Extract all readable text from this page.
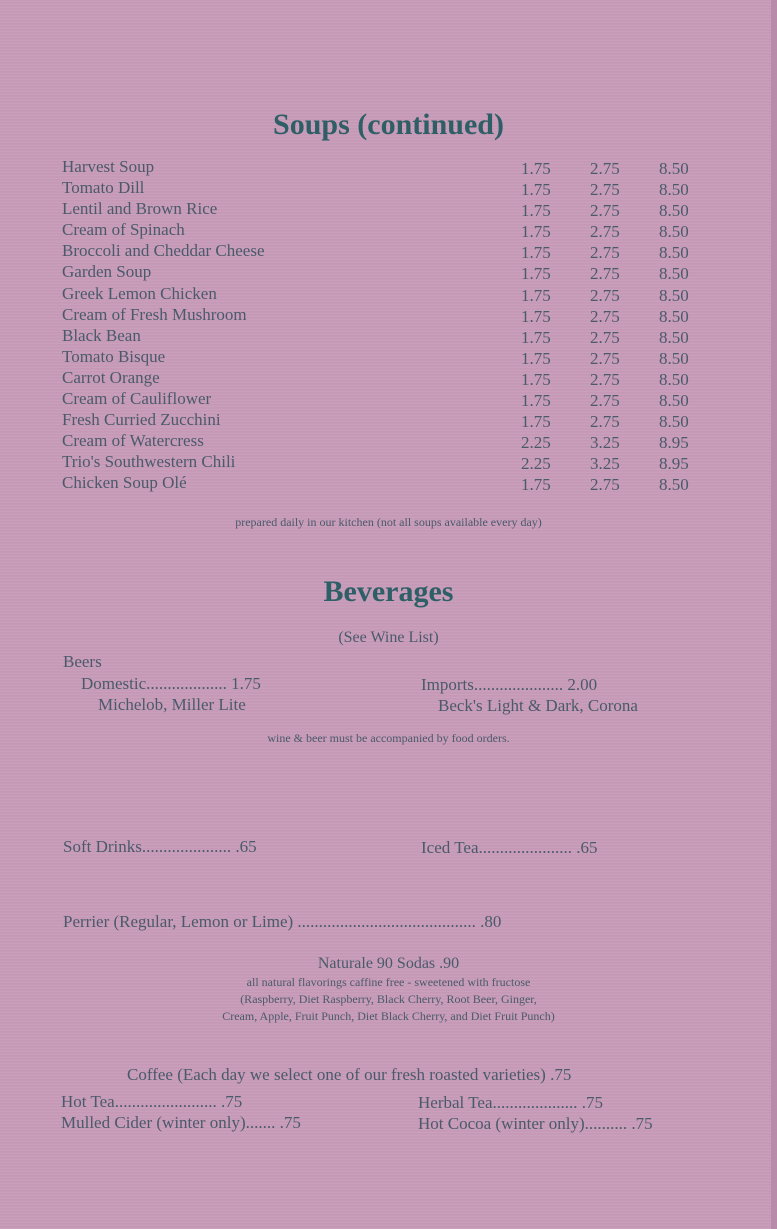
Soups (continued)
Harvest Soup	1.75 2.75 8.50
Tomato Dill	1.75 2.75 8.50
Lentil and Brown Rice	1.75 2.75 8.50
Cream of Spinach	1.75 2.75 8.50
Broccoli and Cheddar Cheese	1.75 2.75 8.50
Garden Soup	1.75 2.75 8.50
Greek Lemon Chicken	1.75 2.75 8.50
Cream of Fresh Mushroom	1.75 2.75 8.50
Black Bean	1.75 2.75 8.50
Tomato Bisque	1.75 2.75 8.50
Carrot Orange	1.75 2.75 8.50
Cream of Cauliflower	1.75 2.75 8.50
Fresh Curried Zucchini	1.75 2.75 8.50
Cream of Watercress	2.25 3.25 8.95
Trio's Southwestern Chili	2.25 3.25 8.95
Chicken Soup Olé	1.75 2.75 8.50
prepared daily in our kitchen (not all soups available every day)
Beverages
(See Wine List)
Beers
Domestic................... 1.75
Michelob, Miller Lite
Imports..................... 2.00
Beck's Light & Dark, Corona
wine & beer must be accompanied by food orders.
Soft Drinks..................... .65	Iced Tea...................... .65
Perrier (Regular, Lemon or Lime) .......................................... .80
Naturale 90 Sodas .90
all natural flavorings caffine free - sweetened with fructose
(Raspberry, Diet Raspberry, Black Cherry, Root Beer, Ginger,
Cream, Apple, Fruit Punch, Diet Black Cherry, and Diet Fruit Punch)
Coffee (Each day we select one of our fresh roasted varieties) .75
Hot Tea........................ .75	Herbal Tea.................... .75
Mulled Cider (winter only)....... .75	Hot Cocoa (winter only).......... .75
